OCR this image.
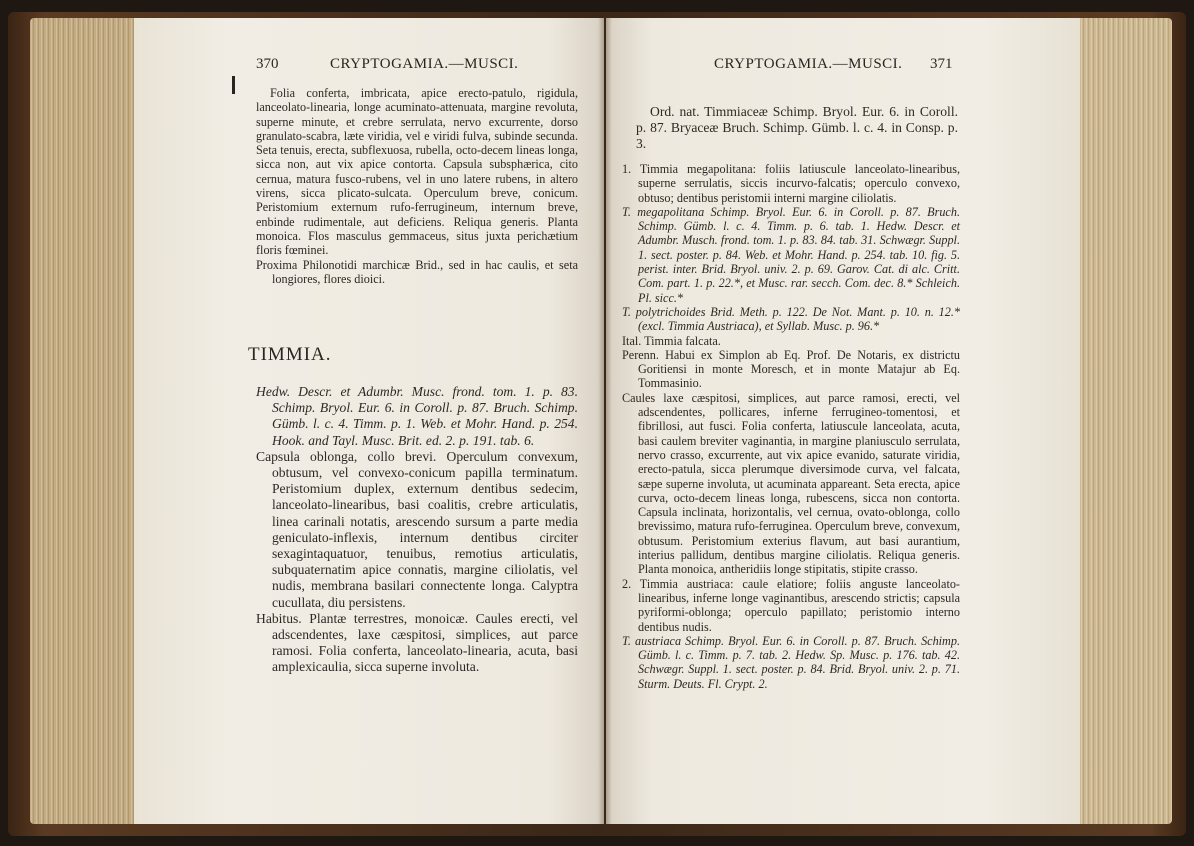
370	CRYPTOGAMIA.—MUSCI.

Folia conferta, imbricata, apice erecto-patulo, rigidula, lanceolato-linearia, longe acuminato-attenuata, margine revoluta, superne minute, et crebre serrulata, nervo excurrente, dorso granulato-scabra, læte viridia, vel e viridi fulva, subinde secunda. Seta tenuis, erecta, subflexuosa, rubella, octo-decem lineas longa, sicca non, aut vix apice contorta. Capsula subsphærica, cito cernua, matura fusco-rubens, vel in uno latere rubens, in altero virens, sicca plicato-sulcata. Operculum breve, conicum. Peristomium externum rufo-ferrugineum, internum breve, enbinde rudimentale, aut deficiens. Reliqua generis. Planta monoica. Flos masculus gemmaceus, situs juxta perichætium floris fœminei.

Proxima Philonotidi marchicæ Brid., sed in hac caulis, et seta longiores, flores dioici.

TIMMIA.

Hedw. Descr. et Adumbr. Musc. frond. tom. 1. p. 83. Schimp. Bryol. Eur. 6. in Coroll. p. 87. Bruch. Schimp. Gümb. l. c. 4. Timm. p. 1. Web. et Mohr. Hand. p. 254. Hook. and Tayl. Musc. Brit. ed. 2. p. 191. tab. 6.

Capsula oblonga, collo brevi. Operculum convexum, obtusum, vel convexo-conicum papilla terminatum. Peristomium duplex, externum dentibus sedecim, lanceolato-linearibus, basi coalitis, crebre articulatis, linea carinali notatis, arescendo sursum a parte media geniculato-inflexis, internum dentibus circiter sexagintaquatuor, tenuibus, remotius articulatis, subquaternatim apice connatis, margine ciliolatis, vel nudis, membrana basilari connectente longa. Calyptra cucullata, diu persistens.

Habitus. Plantæ terrestres, monoicæ. Caules erecti, vel adscendentes, laxe cæspitosi, simplices, aut parce ramosi. Folia conferta, lanceolato-linearia, acuta, basi amplexicaulia, sicca superne involuta.

CRYPTOGAMIA.—MUSCI. 371

Ord. nat. Timmiaceæ Schimp. Bryol. Eur. 6. in Coroll. p. 87. Bryaceæ Bruch. Schimp. Gümb. l. c. 4. in Consp. p. 3.

1. Timmia megapolitana: foliis latiuscule lanceolato-linearibus, superne serrulatis, siccis incurvo-falcatis; operculo convexo, obtuso; dentibus peristomii interni margine ciliolatis.

T. megapolitana Schimp. Bryol. Eur. 6. in Coroll. p. 87. Bruch. Schimp. Gümb. l. c. 4. Timm. p. 6. tab. 1. Hedw. Descr. et Adumbr. Musch. frond. tom. 1. p. 83. 84. tab. 31. Schwægr. Suppl. 1. sect. poster. p. 84. Web. et Mohr. Hand. p. 254. tab. 10. fig. 5. perist. inter. Brid. Bryol. univ. 2. p. 69. Garov. Cat. di alc. Critt. Com. part. 1. p. 22.*, et Musc. rar. secch. Com. dec. 8.* Schleich. Pl. sicc.*

T. polytrichoides Brid. Meth. p. 122. De Not. Mant. p. 10. n. 12.* (excl. Timmia Austriaca), et Syllab. Musc. p. 96.*

Ital. Timmia falcata.

Perenn. Habui ex Simplon ab Eq. Prof. De Notaris, ex districtu Goritiensi in monte Moresch, et in monte Matajur ab Eq. Tommasinio.

Caules laxe cæspitosi, simplices, aut parce ramosi, erecti, vel adscendentes, pollicares, inferne ferrugineo-tomentosi, et fibrillosi, aut fusci. Folia conferta, latiuscule lanceolata, acuta, basi caulem breviter vaginantia, in margine planiusculo serrulata, nervo crasso, excurrente, aut vix apice evanido, saturate viridia, erecto-patula, sicca plerumque diversimode curva, vel falcata, sæpe superne involuta, ut acuminata appareant. Seta erecta, apice curva, octo-decem lineas longa, rubescens, sicca non contorta. Capsula inclinata, horizontalis, vel cernua, ovato-oblonga, collo brevissimo, matura rufo-ferruginea. Operculum breve, convexum, obtusum. Peristomium exterius flavum, aut basi aurantium, interius pallidum, dentibus margine ciliolatis. Reliqua generis. Planta monoica, antheridiis longe stipitatis, stipite crasso.

2. Timmia austriaca: caule elatiore; foliis anguste lanceolato-linearibus, inferne longe vaginantibus, arescendo strictis; capsula pyriformi-oblonga; operculo papillato; peristomio interno dentibus nudis.

T. austriaca Schimp. Bryol. Eur. 6. in Coroll. p. 87. Bruch. Schimp. Gümb. l. c. Timm. p. 7. tab. 2. Hedw. Sp. Musc. p. 176. tab. 42. Schwægr. Suppl. 1. sect. poster. p. 84. Brid. Bryol. univ. 2. p. 71. Sturm. Deuts. Fl. Crypt. 2.
